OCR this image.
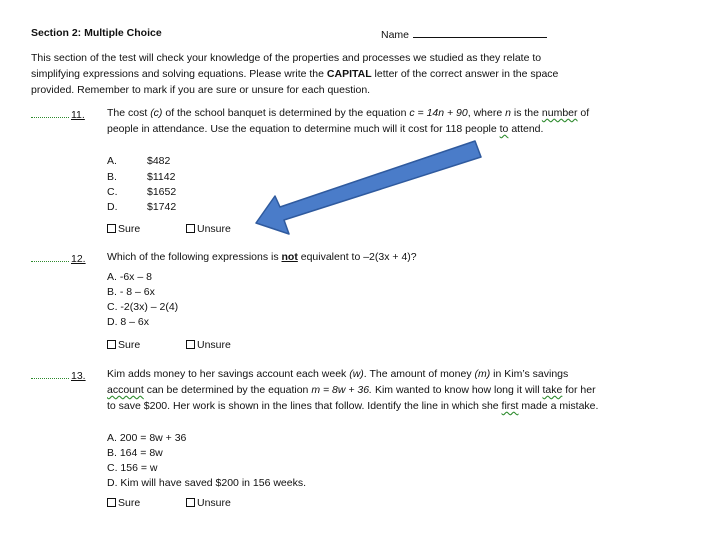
Section 2: Multiple Choice	Name
This section of the test will check your knowledge of the properties and processes we studied as they relate to simplifying expressions and solving equations. Please write the CAPITAL letter of the correct answer in the space provided. Remember to mark if you are sure or unsure for each question.
11.	The cost (c) of the school banquet is determined by the equation c = 14n + 90, where n is the number of people in attendance. Use the equation to determine much will it cost for 118 people to attend.
A.	$482
B.	$1142
C.	$1652
D.	$1742
Sure	Unsure
12.	Which of the following expressions is not equivalent to –2(3x + 4)?
A. -6x – 8
B. - 8 – 6x
C. -2(3x) – 2(4)
D. 8 – 6x
Sure	Unsure
13.	Kim adds money to her savings account each week (w). The amount of money (m) in Kim’s savings account can be determined by the equation m = 8w + 36. Kim wanted to know how long it will take for her to save $200. Her work is shown in the lines that follow. Identify the line in which she first made a mistake.
A. 200 = 8w + 36
B. 164 = 8w
C. 156 = w
D. Kim will have saved $200 in 156 weeks.
Sure	Unsure
